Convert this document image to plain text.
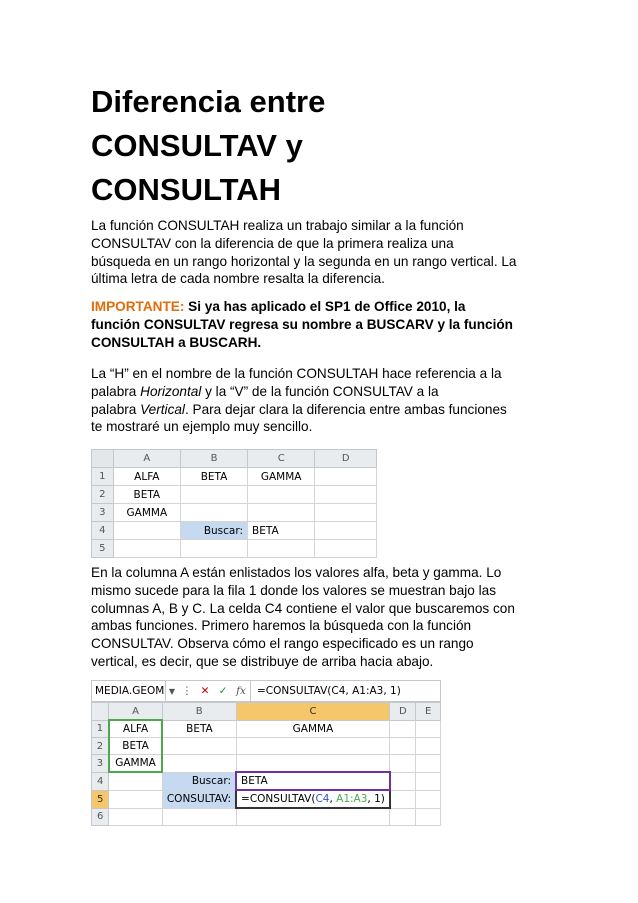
Diferencia entre
CONSULTAV y
CONSULTAH

La función CONSULTAH realiza un trabajo similar a la función
CONSULTAV con la diferencia de que la primera realiza una
búsqueda en un rango horizontal y la segunda en un rango vertical. La
última letra de cada nombre resalta la diferencia.

IMPORTANTE: Si ya has aplicado el SP1 de Office 2010, la
función CONSULTAV regresa su nombre a BUSCARV y la función
CONSULTAH a BUSCARH.

La “H” en el nombre de la función CONSULTAH hace referencia a la
palabra Horizontal y la “V” de la función CONSULTAV a la
palabra Vertical. Para dejar clara la diferencia entre ambas funciones
te mostraré un ejemplo muy sencillo.

En la columna A están enlistados los valores alfa, beta y gamma. Lo
mismo sucede para la fila 1 donde los valores se muestran bajo las
columnas A, B y C. La celda C4 contiene el valor que buscaremos con
ambas funciones. Primero haremos la búsqueda con la función
CONSULTAV. Observa cómo el rango especificado es un rango
vertical, es decir, que se distribuye de arriba hacia abajo.

	A	B	C	D
1	ALFA	BETA	GAMMA	
2	BETA			
3	GAMMA			
4		Buscar:	BETA	
5				
MEDIA.GEOM ▼ ⋮ ✕ ✓ fx	=CONSULTAV(C4, A1:A3, 1)
	A	B	C	D	E
1	ALFA	BETA	GAMMA		
2	BETA				
3	GAMMA				
4		Buscar:	BETA		
5		CONSULTAV:	=CONSULTAV(C4, A1:A3, 1)		
6					
